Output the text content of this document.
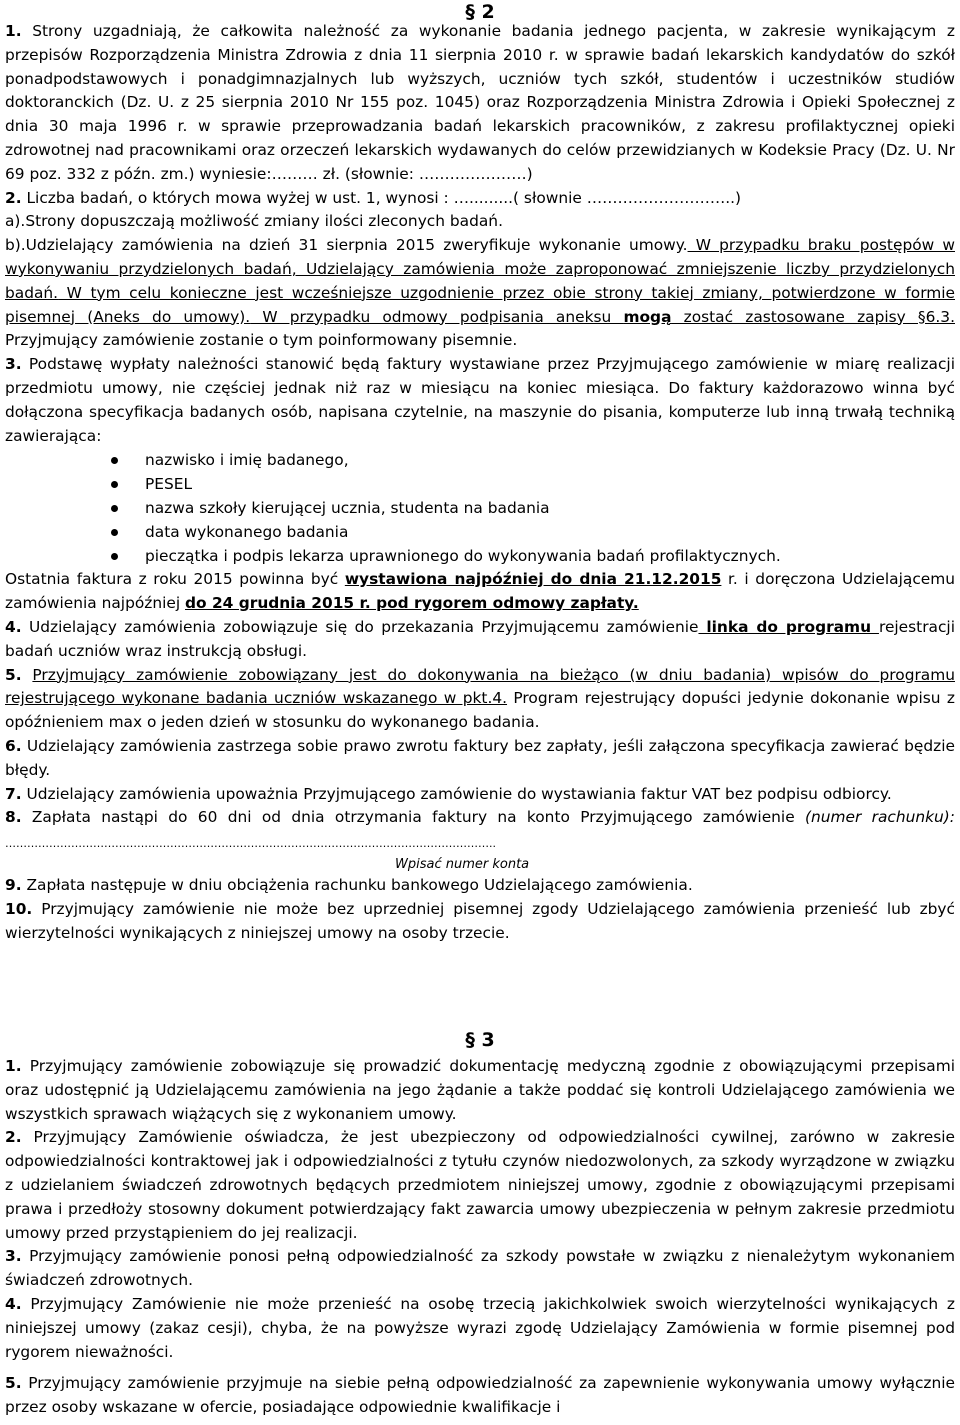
§ 2

1. Strony uzgadniają, że całkowita należność za wykonanie badania jednego pacjenta, w zakresie wynikającym z przepisów Rozporządzenia Ministra Zdrowia z dnia 11 sierpnia 2010 r. w sprawie badań lekarskich kandydatów do szkół ponadpodstawowych i ponadgimnazjalnych lub wyższych, uczniów tych szkół, studentów i uczestników studiów doktoranckich (Dz. U. z 25 sierpnia 2010 Nr 155 poz. 1045) oraz Rozporządzenia Ministra Zdrowia i Opieki Społecznej z dnia 30 maja 1996 r. w sprawie przeprowadzania badań lekarskich pracowników, z zakresu profilaktycznej opieki zdrowotnej nad pracownikami oraz orzeczeń lekarskich wydawanych do celów przewidzianych w Kodeksie Pracy (Dz. U. Nr 69 poz. 332 z późn. zm.) wyniesie:……… zł. (słownie: …………………)

2. Liczba badań, o których mowa wyżej w ust. 1, wynosi : ….........( słownie ………………………..)

a).Strony dopuszczają możliwość zmiany ilości zleconych badań.

b).Udzielający zamówienia na dzień 31 sierpnia 2015 zweryfikuje wykonanie umowy. W przypadku braku postępów w wykonywaniu przydzielonych badań, Udzielający zamówienia może zaproponować zmniejszenie liczby przydzielonych badań. W tym celu konieczne jest wcześniejsze uzgodnienie przez obie strony takiej zmiany, potwierdzone w formie pisemnej (Aneks do umowy). W przypadku odmowy podpisania aneksu mogą zostać zastosowane zapisy §6.3. Przyjmujący zamówienie zostanie o tym poinformowany pisemnie.

3. Podstawę wypłaty należności stanowić będą faktury wystawiane przez Przyjmującego zamówienie w miarę realizacji przedmiotu umowy, nie częściej jednak niż raz w miesiącu na koniec miesiąca. Do faktury każdorazowo winna być dołączona specyfikacja badanych osób, napisana czytelnie, na maszynie do pisania, komputerze lub inną trwałą techniką zawierająca:

nazwisko i imię badanego,
PESEL
nazwa szkoły kierującej ucznia, studenta na badania
data wykonanego badania
pieczątka i podpis lekarza uprawnionego do wykonywania badań profilaktycznych.

Ostatnia faktura z roku 2015 powinna być wystawiona najpóźniej do dnia 21.12.2015 r. i doręczona Udzielającemu zamówienia najpóźniej do 24 grudnia 2015 r. pod rygorem odmowy zapłaty.

4. Udzielający zamówienia zobowiązuje się do przekazania Przyjmującemu zamówienie linka do programu rejestracji badań uczniów wraz instrukcją obsługi.

5. Przyjmujący zamówienie zobowiązany jest do dokonywania na bieżąco (w dniu badania) wpisów do programu rejestrującego wykonane badania uczniów wskazanego w pkt.4. Program rejestrujący dopuści jedynie dokonanie wpisu z opóźnieniem max o jeden dzień w stosunku do wykonanego badania.

6. Udzielający zamówienia zastrzega sobie prawo zwrotu faktury bez zapłaty, jeśli załączona specyfikacja zawierać będzie błędy.

7. Udzielający zamówienia upoważnia Przyjmującego zamówienie do wystawiania faktur VAT bez podpisu odbiorcy.

8. Zapłata nastąpi do 60 dni od dnia otrzymania faktury na konto Przyjmującego zamówienie (numer rachunku): ……………………………………………………………………………………………………………………..

Wpisać numer konta

9. Zapłata następuje w dniu obciążenia rachunku bankowego Udzielającego zamówienia.

10. Przyjmujący zamówienie nie może bez uprzedniej pisemnej zgody Udzielającego zamówienia przenieść lub zbyć wierzytelności wynikających z niniejszej umowy na osoby trzecie.

§ 3

1. Przyjmujący zamówienie zobowiązuje się prowadzić dokumentację medyczną zgodnie z obowiązującymi przepisami oraz udostępnić ją Udzielającemu zamówienia na jego żądanie a także poddać się kontroli Udzielającego zamówienia we wszystkich sprawach wiążących się z wykonaniem umowy.

2. Przyjmujący Zamówienie oświadcza, że jest ubezpieczony od odpowiedzialności cywilnej, zarówno w zakresie odpowiedzialności kontraktowej jak i odpowiedzialności z tytułu czynów niedozwolonych, za szkody wyrządzone w związku z udzielaniem świadczeń zdrowotnych będących przedmiotem niniejszej umowy, zgodnie z obowiązującymi przepisami prawa i przedłoży stosowny dokument potwierdzający fakt zawarcia umowy ubezpieczenia w pełnym zakresie przedmiotu umowy przed przystąpieniem do jej realizacji.

3. Przyjmujący zamówienie ponosi pełną odpowiedzialność za szkody powstałe w związku z nienależytym wykonaniem świadczeń zdrowotnych.

4. Przyjmujący Zamówienie nie może przenieść na osobę trzecią jakichkolwiek swoich wierzytelności wynikających z niniejszej umowy (zakaz cesji), chyba, że na powyższe wyrazi zgodę Udzielający Zamówienia w formie pisemnej pod rygorem nieważności.

5. Przyjmujący zamówienie przyjmuje na siebie pełną odpowiedzialność za zapewnienie wykonywania umowy wyłącznie przez osoby wskazane w ofercie, posiadające odpowiednie kwalifikacje i
